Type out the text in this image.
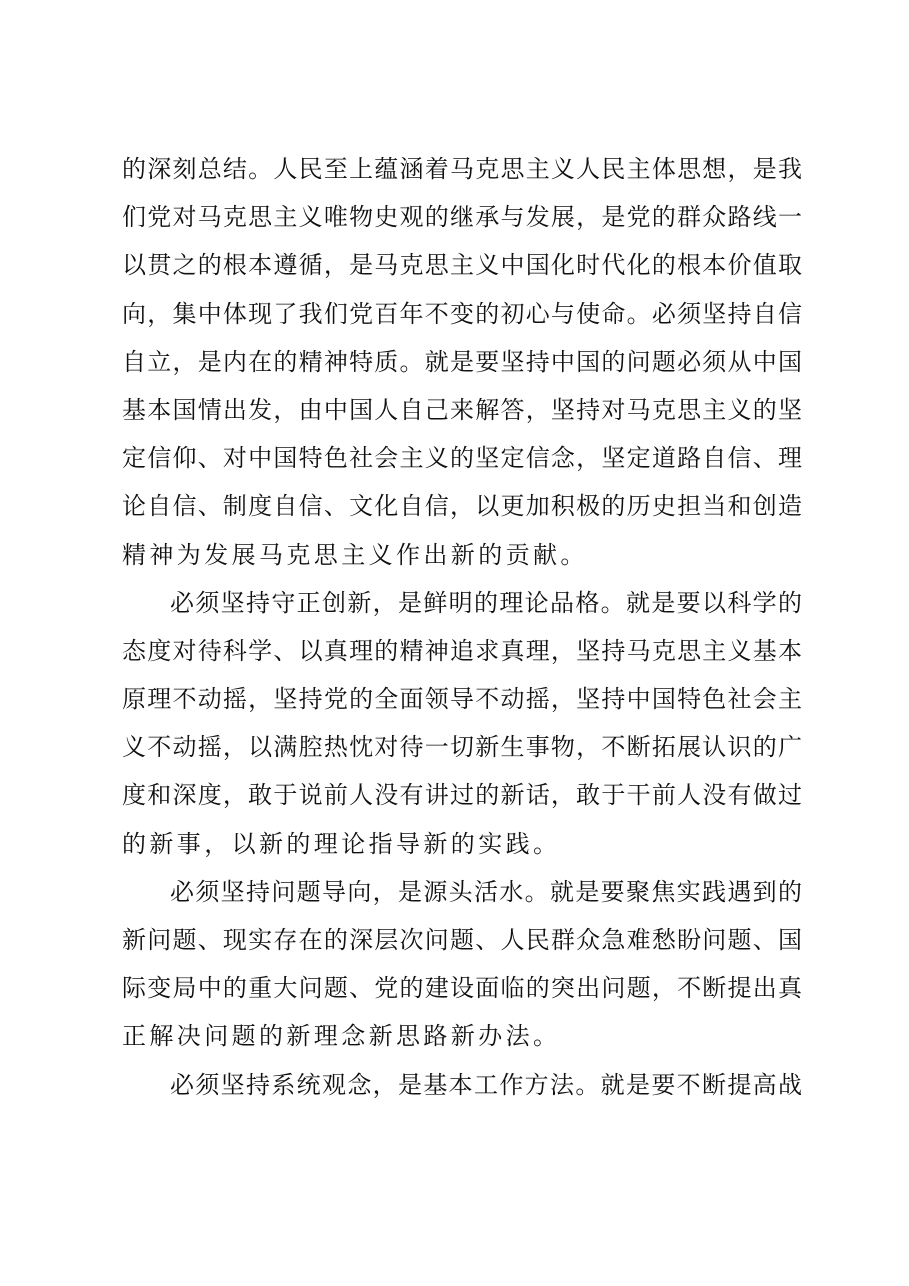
的深刻总结。人民至上蕴涵着马克思主义人民主体思想，是我
们党对马克思主义唯物史观的继承与发展，是党的群众路线一
以贯之的根本遵循，是马克思主义中国化时代化的根本价值取
向，集中体现了我们党百年不变的初心与使命。必须坚持自信
自立，是内在的精神特质。就是要坚持中国的问题必须从中国
基本国情出发，由中国人自己来解答，坚持对马克思主义的坚
定信仰、对中国特色社会主义的坚定信念，坚定道路自信、理
论自信、制度自信、文化自信，以更加积极的历史担当和创造
精神为发展马克思主义作出新的贡献。

必须坚持守正创新，是鲜明的理论品格。就是要以科学的
态度对待科学、以真理的精神追求真理，坚持马克思主义基本
原理不动摇，坚持党的全面领导不动摇，坚持中国特色社会主
义不动摇，以满腔热忱对待一切新生事物，不断拓展认识的广
度和深度，敢于说前人没有讲过的新话，敢于干前人没有做过
的新事，以新的理论指导新的实践。

必须坚持问题导向，是源头活水。就是要聚焦实践遇到的
新问题、现实存在的深层次问题、人民群众急难愁盼问题、国
际变局中的重大问题、党的建设面临的突出问题，不断提出真
正解决问题的新理念新思路新办法。

必须坚持系统观念，是基本工作方法。就是要不断提高战
